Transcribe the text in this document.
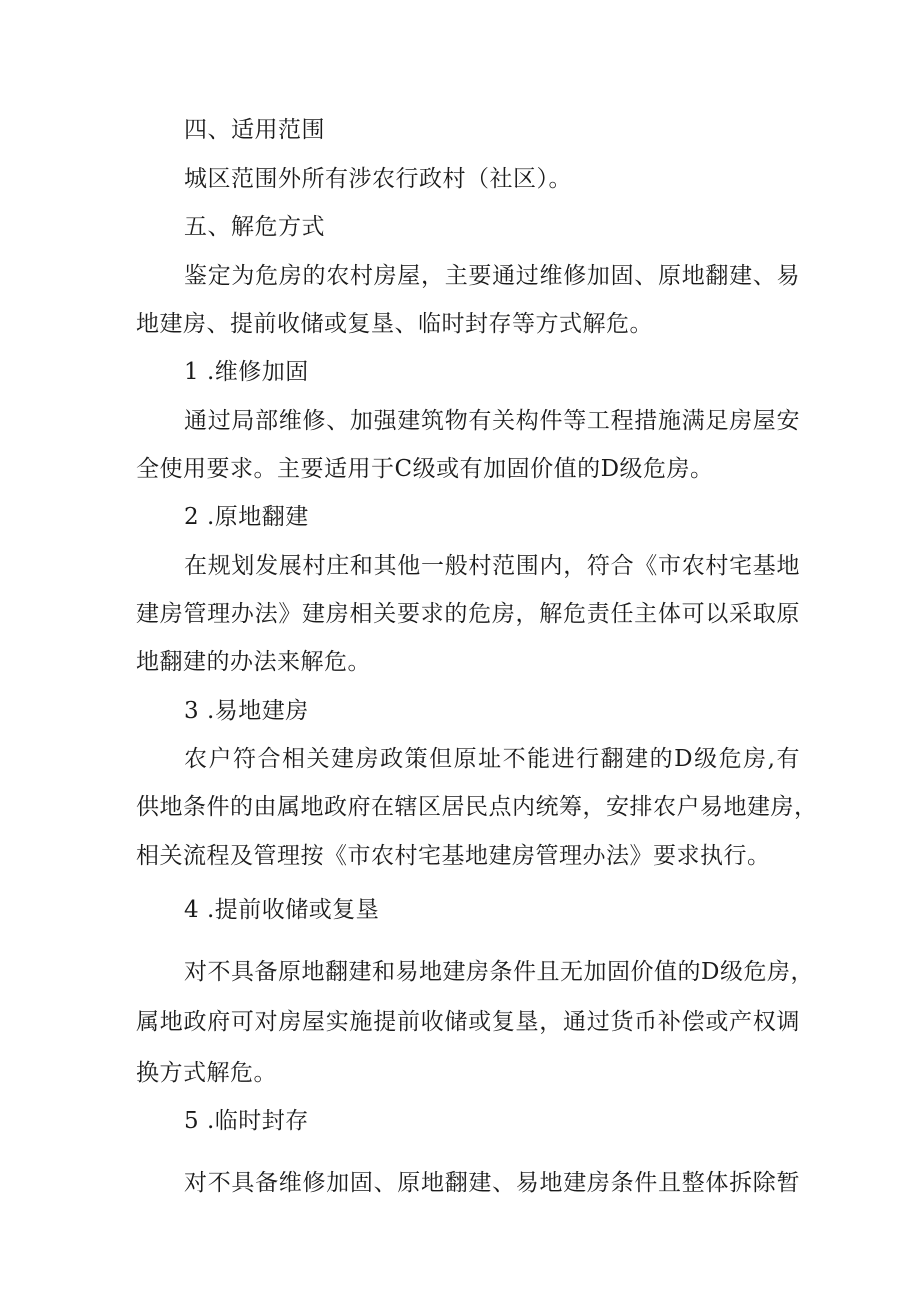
四、适用范围
城区范围外所有涉农行政村（社区）。
五、解危方式
鉴定为危房的农村房屋，主要通过维修加固、原地翻建、易
地建房、提前收储或复垦、临时封存等方式解危。
1 .维修加固
通过局部维修、加强建筑物有关构件等工程措施满足房屋安
全使用要求。主要适用于C级或有加固价值的D级危房。
2 .原地翻建
在规划发展村庄和其他一般村范围内，符合《市农村宅基地
建房管理办法》建房相关要求的危房，解危责任主体可以采取原
地翻建的办法来解危。
3 .易地建房
农户符合相关建房政策但原址不能进行翻建的D级危房,有
供地条件的由属地政府在辖区居民点内统筹，安排农户易地建房，
相关流程及管理按《市农村宅基地建房管理办法》要求执行。
4 .提前收储或复垦
对不具备原地翻建和易地建房条件且无加固价值的D级危房，
属地政府可对房屋实施提前收储或复垦，通过货币补偿或产权调
换方式解危。
5 .临时封存
对不具备维修加固、原地翻建、易地建房条件且整体拆除暂
